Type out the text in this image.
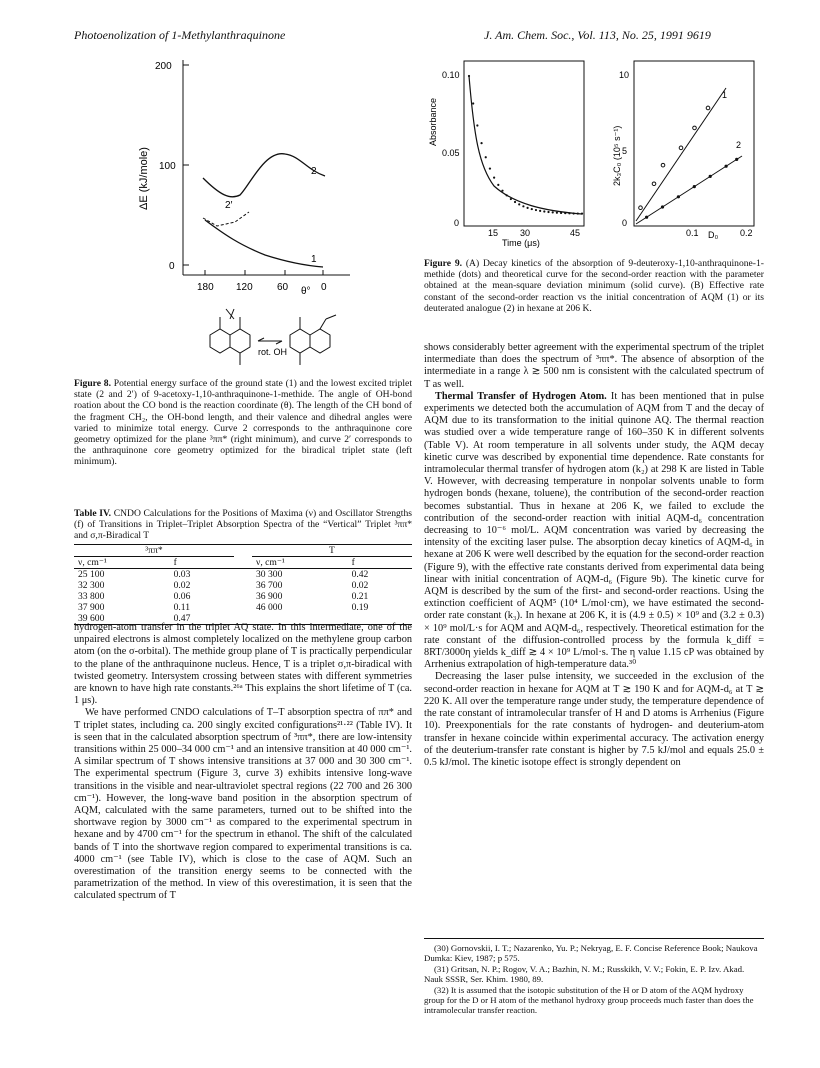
Photoenolization of 1-Methylanthraquinone	J. Am. Chem. Soc., Vol. 113, No. 25, 1991 9619
200
100
0
ΔE (kJ/mole)
180 120 60	0
θ°
1
2
2′
rot. OH
Figure 8. Potential energy surface of the ground state (1) and the lowest excited triplet state (2 and 2′) of 9-acetoxy-1,10-anthraquinone-1-methide. The angle of OH-bond roation about the CO bond is the reaction coordinate (θ). The length of the CH bond of the fragment CH₂, the OH-bond length, and their valence and dihedral angles were varied to minimize total energy. Curve 2 corresponds to the anthraquinone core geometry optimized for the plane ³ππ* (right minimum), and curve 2′ corresponds to the anthraquinone core geometry optimized for the biradical triplet state (left minimum).
Table IV. CNDO Calculations for the Positions of Maxima (ν) and Oscillator Strengths (f) of Transitions in Triplet–Triplet Absorption Spectra of the “Vertical” Triplet ³ππ* and σ,π-Biradical T
³ππ*			T	
ν, cm⁻¹	f		ν, cm⁻¹	f
25 100	0.03		30 300	0.42
32 300	0.02		36 700	0.02
33 800	0.06		36 900	0.21
37 900	0.11		46 000	0.19
39 600	0.47			

hydrogen-atom transfer in the triplet AQ state. In this intermediate, one of the unpaired electrons is almost completely localized on the methylene group carbon atom (on the σ-orbital). The methide group plane of T is practically perpendicular to the plane of the anthraquinone nucleus. Hence, T is a triplet σ,π-biradical with twisted geometry. Intersystem crossing between states with different symmetries are known to have high rate constants.²⁶ᵃ This explains the short lifetime of T (ca. 1 μs).

We have performed CNDO calculations of T–T absorption spectra of ππ* and T triplet states, including ca. 200 singly excited configurations²¹·²² (Table IV). It is seen that in the calculated absorption spectrum of ³ππ*, there are low-intensity transitions within 25 000–34 000 cm⁻¹ and an intensive transition at 40 000 cm⁻¹. A similar spectrum of T shows intensive transitions at 37 000 and 30 300 cm⁻¹. The experimental spectrum (Figure 3, curve 3) exhibits intensive long-wave transitions in the visible and near-ultraviolet spectral regions (22 700 and 26 300 cm⁻¹). However, the long-wave band position in the absorption spectrum of AQM, calculated with the same parameters, turned out to be shifted into the shortwave region by 3000 cm⁻¹ as compared to the experimental spectrum in hexane and by 4700 cm⁻¹ for the spectrum in ethanol. The shift of the calculated bands of T into the shortwave region compared to experimental transitions is ca. 4000 cm⁻¹ (see Table IV), which is close to the case of AQM. Such an overestimation of the transition energy seems to be connected with the parametrization of the method. In view of this overestimation, it is seen that the calculated spectrum of T

Absorbance
0.10
0.05
0
15 30	45
Time (μs)
2k₃C₀ (10⁵ s⁻¹)
10
5
0
0.1	0.2
D₀
1
2
Figure 9. (A) Decay kinetics of the absorption of 9-deuteroxy-1,10-anthraquinone-1-methide (dots) and theoretical curve for the second-order reaction with the parameter obtained at the mean-square deviation minimum (solid curve). (B) Effective rate constant of the second-order reaction vs the initial concentration of AQM (1) or its deuterated analogue (2) in hexane at 206 K.

shows considerably better agreement with the experimental spectrum of the triplet intermediate than does the spectrum of ³ππ*. The absence of absorption of the intermediate in a range λ ≳ 500 nm is consistent with the calculated spectrum of T as well.

Thermal Transfer of Hydrogen Atom. It has been mentioned that in pulse experiments we detected both the accumulation of AQM from T and the decay of AQM due to its transformation to the initial quinone AQ. The thermal reaction was studied over a wide temperature range of 160–350 K in different solvents (Table V). At room temperature in all solvents under study, the AQM decay kinetic curve was described by exponential time dependence. Rate constants for intramolecular thermal transfer of hydrogen atom (k₂) at 298 K are listed in Table V. However, with decreasing temperature in nonpolar solvents unable to form hydrogen bonds (hexane, toluene), the contribution of the second-order reaction becomes substantial. Thus in hexane at 206 K, we failed to exclude the contribution of the second-order reaction with initial AQM-d₆ concentration decreasing to 10⁻⁶ mol/L. AQM concentration was varied by decreasing the intensity of the exciting laser pulse. The absorption decay kinetics of AQM-d₆ in hexane at 206 K were well described by the equation for the second-order reaction (Figure 9), with the effective rate constants derived from experimental data being linear with initial concentration of AQM-d₆ (Figure 9b). The kinetic curve for AQM is described by the sum of the first- and second-order reactions. Using the extinction coefficient of AQM⁵ (10⁴ L/mol·cm), we have estimated the second-order rate constant (k₃). In hexane at 206 K, it is (4.9 ± 0.5) × 10⁹ and (3.2 ± 0.3) × 10⁹ mol/L·s for AQM and AQM-d₆, respectively. Theoretical estimation for the rate constant of the diffusion-controlled process by the formula k_diff = 8RT/3000η yields k_diff ≳ 4 × 10⁹ L/mol·s. The η value 1.15 cP was obtained by Arrhenius extrapolation of high-temperature data.³⁰

Decreasing the laser pulse intensity, we succeeded in the exclusion of the second-order reaction in hexane for AQM at T ≳ 190 K and for AQM-d₆ at T ≳ 220 K. All over the temperature range under study, the temperature dependence of the rate constant of intramolecular transfer of H and D atoms is Arrhenius (Figure 10). Preexponentials for the rate constants of hydrogen- and deuterium-atom transfer in hexane coincide within experimental accuracy. The activation energy of the deuterium-transfer rate constant is higher by 7.5 kJ/mol and equals 25.0 ± 0.5 kJ/mol. The kinetic isotope effect is strongly dependent on

(30) Gornovskii, I. T.; Nazarenko, Yu. P.; Nekryag, E. F. Concise Reference Book; Naukova Dumka: Kiev, 1987; p 575.

(31) Gritsan, N. P.; Rogov, V. A.; Bazhin, N. M.; Russkikh, V. V.; Fokin, E. P. Izv. Akad. Nauk SSSR, Ser. Khim. 1980, 89.

(32) It is assumed that the isotopic substitution of the H or D atom of the AQM hydroxy group for the D or H atom of the methanol hydroxy group proceeds much faster than does the intramolecular transfer reaction.
